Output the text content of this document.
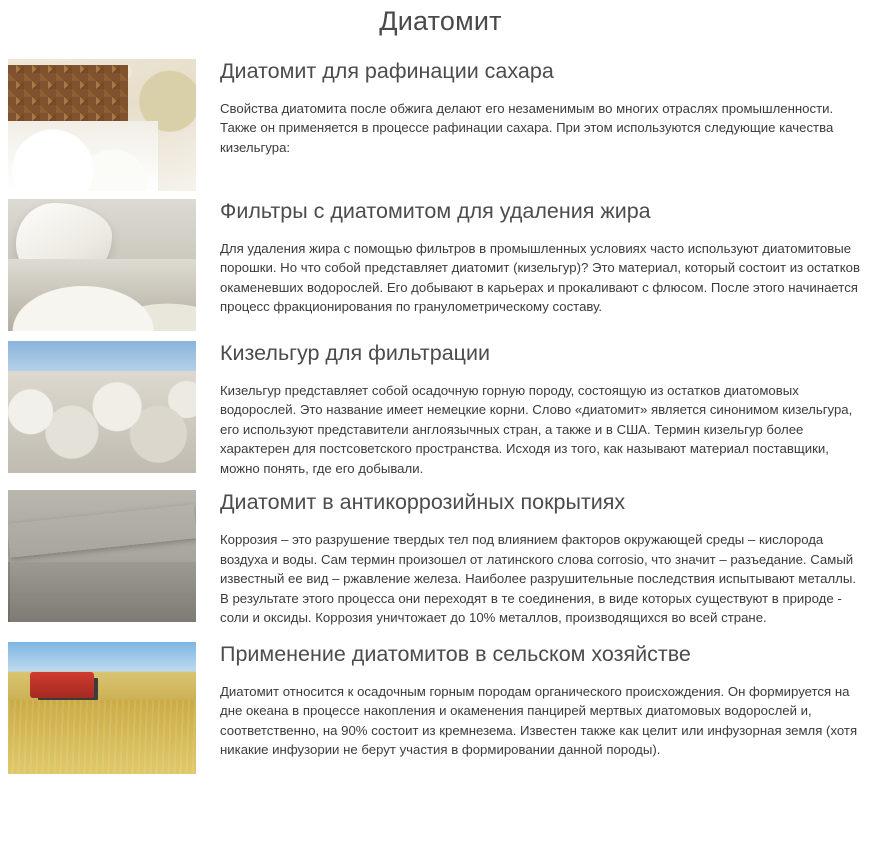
Диатомит
Диатомит для рафинации сахара

Свойства диатомита после обжига делают его незаменимым во многих отраслях промышленности. Также он применяется в процессе рафинации сахара. При этом используются следующие качества кизельгура:

Фильтры с диатомитом для удаления жира

Для удаления жира с помощью фильтров в промышленных условиях часто используют диатомитовые порошки. Но что собой представляет диатомит (кизельгур)? Это материал, который состоит из остатков окаменевших водорослей. Его добывают в карьерах и прокаливают с флюсом. После этого начинается процесс фракционирования по гранулометрическому составу.

Кизельгур для фильтрации

Кизельгур представляет собой осадочную горную породу, состоящую из остатков диатомовых водорослей. Это название имеет немецкие корни. Слово «диатомит» является синонимом кизельгура, его используют представители англоязычных стран, а также и в США. Термин кизельгур более характерен для постсоветского пространства. Исходя из того, как называют материал поставщики, можно понять, где его добывали.

Диатомит в антикоррозийных покрытиях

Коррозия – это разрушение твердых тел под влиянием факторов окружающей среды – кислорода воздуха и воды. Сам термин произошел от латинского слова corrosio, что значит – разъедание. Самый известный ее вид – ржавление железа. Наиболее разрушительные последствия испытывают металлы. В результате этого процесса они переходят в те соединения, в виде которых существуют в природе - соли и оксиды. Коррозия уничтожает до 10% металлов, производящихся во всей стране.

Применение диатомитов в сельском хозяйстве

Диатомит относится к осадочным горным породам органического происхождения. Он формируется на дне океана в процессе накопления и окаменения панцирей мертвых диатомовых водорослей и, соответственно, на 90% состоит из кремнезема. Известен также как целит или инфузорная земля (хотя никакие инфузории не берут участия в формировании данной породы).
